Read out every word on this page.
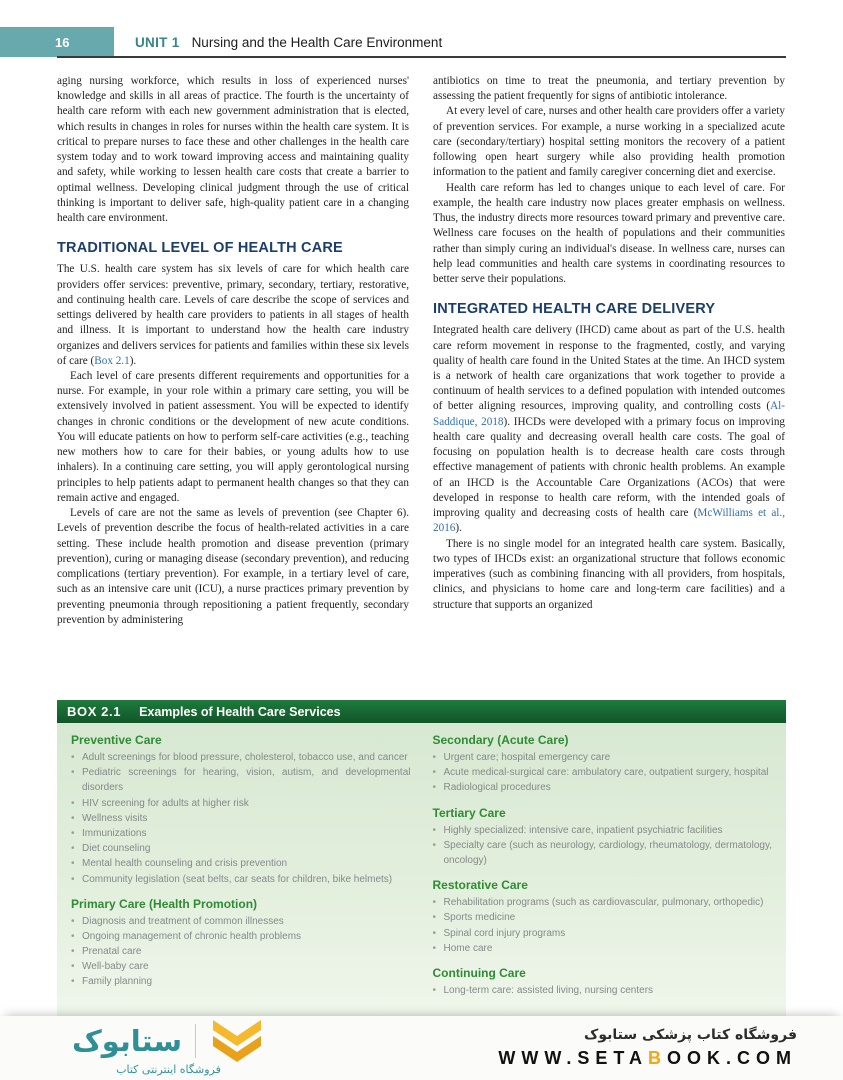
16	UNIT 1 Nursing and the Health Care Environment

aging nursing workforce, which results in loss of experienced nurses' knowledge and skills in all areas of practice. The fourth is the uncertainty of health care reform with each new government administration that is elected, which results in changes in roles for nurses within the health care system. It is critical to prepare nurses to face these and other challenges in the health care system today and to work toward improving access and maintaining quality and safety, while working to lessen health care costs that create a barrier to optimal wellness. Developing clinical judgment through the use of critical thinking is important to deliver safe, high-quality patient care in a changing health care environment.

TRADITIONAL LEVEL OF HEALTH CARE

The U.S. health care system has six levels of care for which health care providers offer services: preventive, primary, secondary, tertiary, restorative, and continuing health care. Levels of care describe the scope of services and settings delivered by health care providers to patients in all stages of health and illness. It is important to understand how the health care industry organizes and delivers services for patients and families within these six levels of care (Box 2.1).

Each level of care presents different requirements and opportunities for a nurse. For example, in your role within a primary care setting, you will be extensively involved in patient assessment. You will be expected to identify changes in chronic conditions or the development of new acute conditions. You will educate patients on how to perform self-care activities (e.g., teaching new mothers how to care for their babies, or young adults how to use inhalers). In a continuing care setting, you will apply gerontological nursing principles to help patients adapt to permanent health changes so that they can remain active and engaged.

Levels of care are not the same as levels of prevention (see Chapter 6). Levels of prevention describe the focus of health-related activities in a care setting. These include health promotion and disease prevention (primary prevention), curing or managing disease (secondary prevention), and reducing complications (tertiary prevention). For example, in a tertiary level of care, such as an intensive care unit (ICU), a nurse practices primary prevention by preventing pneumonia through repositioning a patient frequently, secondary prevention by administering

antibiotics on time to treat the pneumonia, and tertiary prevention by assessing the patient frequently for signs of antibiotic intolerance.

At every level of care, nurses and other health care providers offer a variety of prevention services. For example, a nurse working in a specialized acute care (secondary/tertiary) hospital setting monitors the recovery of a patient following open heart surgery while also providing health promotion information to the patient and family caregiver concerning diet and exercise.

Health care reform has led to changes unique to each level of care. For example, the health care industry now places greater emphasis on wellness. Thus, the industry directs more resources toward primary and preventive care. Wellness care focuses on the health of populations and their communities rather than simply curing an individual's disease. In wellness care, nurses can help lead communities and health care systems in coordinating resources to better serve their populations.

INTEGRATED HEALTH CARE DELIVERY

Integrated health care delivery (IHCD) came about as part of the U.S. health care reform movement in response to the fragmented, costly, and varying quality of health care found in the United States at the time. An IHCD system is a network of health care organizations that work together to provide a continuum of health services to a defined population with intended outcomes of better aligning resources, improving quality, and controlling costs (Al-Saddique, 2018). IHCDs were developed with a primary focus on improving health care quality and decreasing overall health care costs. The goal of focusing on population health is to decrease health care costs through effective management of patients with chronic health problems. An example of an IHCD is the Accountable Care Organizations (ACOs) that were developed in response to health care reform, with the intended goals of improving quality and decreasing costs of health care (McWilliams et al., 2016).

There is no single model for an integrated health care system. Basically, two types of IHCDs exist: an organizational structure that follows economic imperatives (such as combining financing with all providers, from hospitals, clinics, and physicians to home care and long-term care facilities) and a structure that supports an organized

BOX 2.1 Examples of Health Care Services
Preventive Care
• Adult screenings for blood pressure, cholesterol, tobacco use, and cancer
• Pediatric screenings for hearing, vision, autism, and developmental disorders
• HIV screening for adults at higher risk
• Wellness visits
• Immunizations
• Diet counseling
• Mental health counseling and crisis prevention
• Community legislation (seat belts, car seats for children, bike helmets)
Primary Care (Health Promotion)
• Diagnosis and treatment of common illnesses
• Ongoing management of chronic health problems
• Prenatal care
• Well-baby care
• Family planning
Secondary (Acute Care)
• Urgent care; hospital emergency care
• Acute medical-surgical care: ambulatory care, outpatient surgery, hospital
• Radiological procedures
Tertiary Care
• Highly specialized: intensive care, inpatient psychiatric facilities
• Specialty care (such as neurology, cardiology, rheumatology, dermatology, oncology)
Restorative Care
• Rehabilitation programs (such as cardiovascular, pulmonary, orthopedic)
• Sports medicine
• Spinal cord injury programs
• Home care
Continuing Care
• Long-term care: assisted living, nursing centers
ستابوک
فروشگاه اینترنتی کتاب
فروشگاه کتاب پزشکی ستابوک
WWW.SETABOOK.COM
